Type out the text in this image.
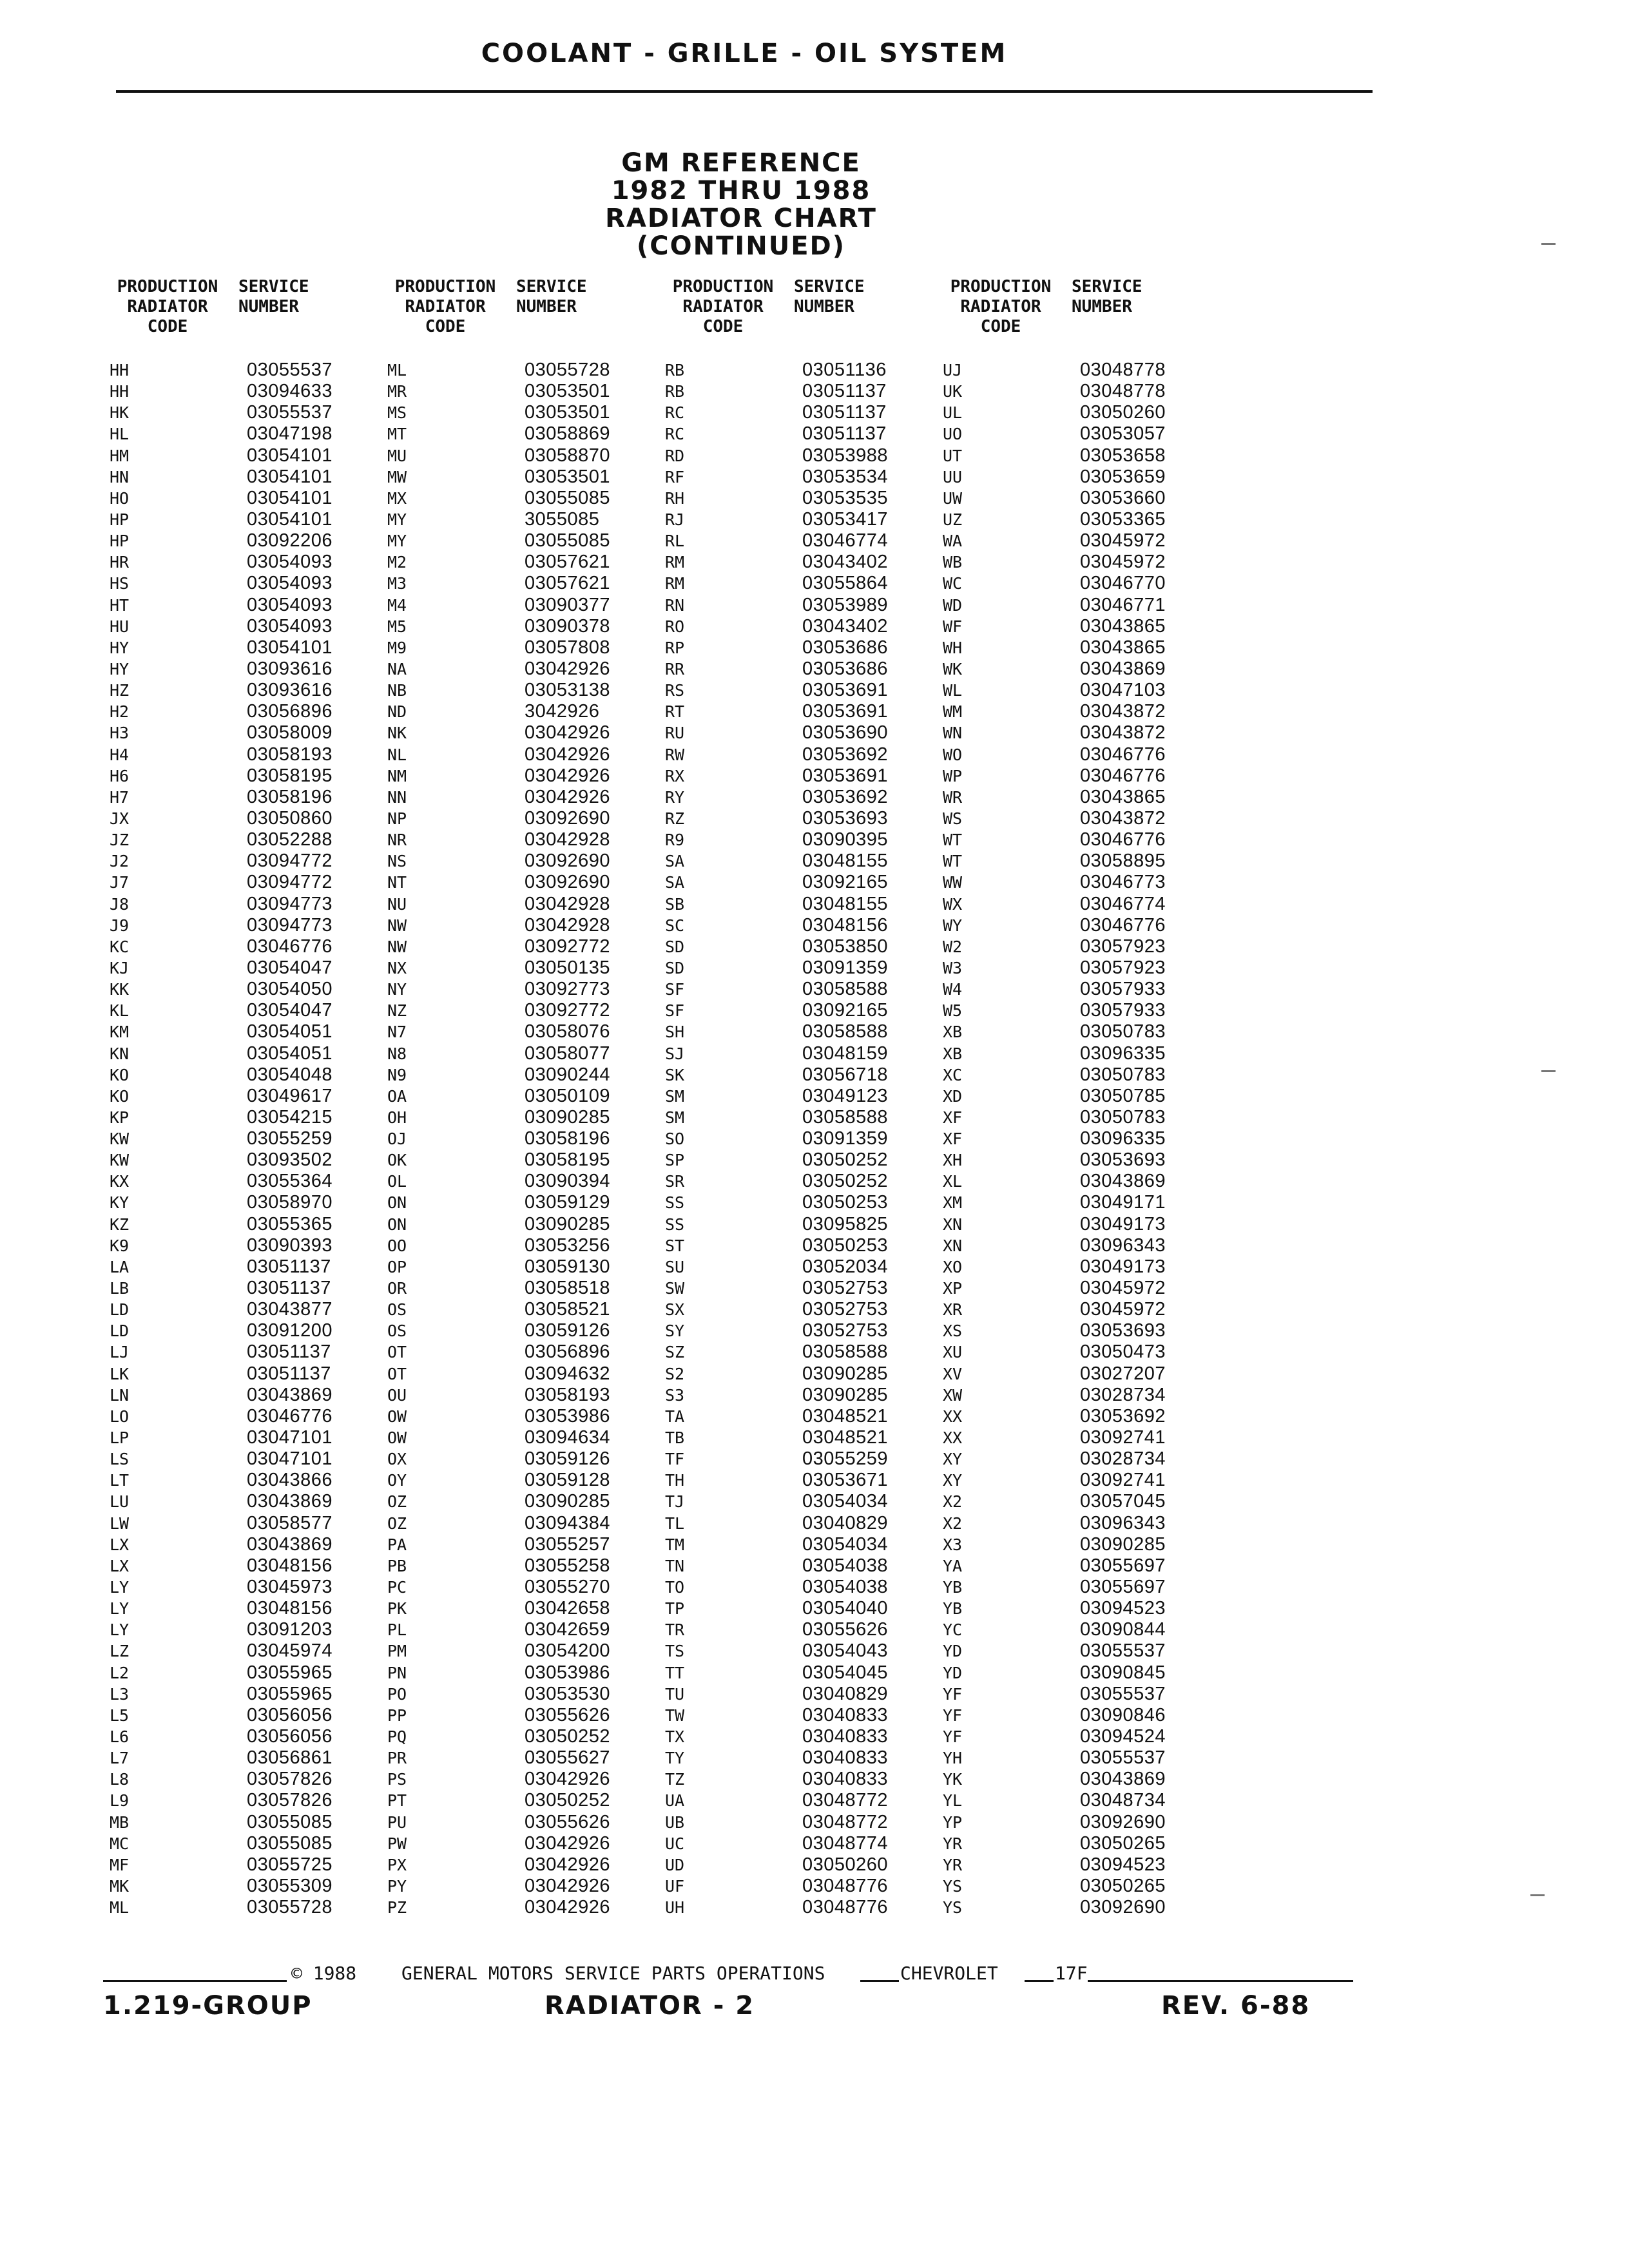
COOLANT - GRILLE - OIL SYSTEM
GM REFERENCE
1982 THRU 1988
RADIATOR CHART
(CONTINUED)
PRODUCTION
RADIATOR
CODE
SERVICE
NUMBER
HH	03055537
HH	03094633
HK	03055537
HL	03047198
HM	03054101
HN	03054101
HO	03054101
HP	03054101
HP	03092206
HR	03054093
HS	03054093
HT	03054093
HU	03054093
HY	03054101
HY	03093616
HZ	03093616
H2	03056896
H3	03058009
H4	03058193
H6	03058195
H7	03058196
JX	03050860
JZ	03052288
J2	03094772
J7	03094772
J8	03094773
J9	03094773
KC	03046776
KJ	03054047
KK	03054050
KL	03054047
KM	03054051
KN	03054051
KO	03054048
KO	03049617
KP	03054215
KW	03055259
KW	03093502
KX	03055364
KY	03058970
KZ	03055365
K9	03090393
LA	03051137
LB	03051137
LD	03043877
LD	03091200
LJ	03051137
LK	03051137
LN	03043869
LO	03046776
LP	03047101
LS	03047101
LT	03043866
LU	03043869
LW	03058577
LX	03043869
LX	03048156
LY	03045973
LY	03048156
LY	03091203
LZ	03045974
L2	03055965
L3	03055965
L5	03056056
L6	03056056
L7	03056861
L8	03057826
L9	03057826
MB	03055085
MC	03055085
MF	03055725
MK	03055309
ML	03055728
PRODUCTION
RADIATOR
CODE
SERVICE
NUMBER
ML	03055728
MR	03053501
MS	03053501
MT	03058869
MU	03058870
MW	03053501
MX	03055085
MY	3055085
MY	03055085
M2	03057621
M3	03057621
M4	03090377
M5	03090378
M9	03057808
NA	03042926
NB	03053138
ND	3042926
NK	03042926
NL	03042926
NM	03042926
NN	03042926
NP	03092690
NR	03042928
NS	03092690
NT	03092690
NU	03042928
NW	03042928
NW	03092772
NX	03050135
NY	03092773
NZ	03092772
N7	03058076
N8	03058077
N9	03090244
OA	03050109
OH	03090285
OJ	03058196
OK	03058195
OL	03090394
ON	03059129
ON	03090285
OO	03053256
OP	03059130
OR	03058518
OS	03058521
OS	03059126
OT	03056896
OT	03094632
OU	03058193
OW	03053986
OW	03094634
OX	03059126
OY	03059128
OZ	03090285
OZ	03094384
PA	03055257
PB	03055258
PC	03055270
PK	03042658
PL	03042659
PM	03054200
PN	03053986
PO	03053530
PP	03055626
PQ	03050252
PR	03055627
PS	03042926
PT	03050252
PU	03055626
PW	03042926
PX	03042926
PY	03042926
PZ	03042926
PRODUCTION
RADIATOR
CODE
SERVICE
NUMBER
RB	03051136
RB	03051137
RC	03051137
RC	03051137
RD	03053988
RF	03053534
RH	03053535
RJ	03053417
RL	03046774
RM	03043402
RM	03055864
RN	03053989
RO	03043402
RP	03053686
RR	03053686
RS	03053691
RT	03053691
RU	03053690
RW	03053692
RX	03053691
RY	03053692
RZ	03053693
R9	03090395
SA	03048155
SA	03092165
SB	03048155
SC	03048156
SD	03053850
SD	03091359
SF	03058588
SF	03092165
SH	03058588
SJ	03048159
SK	03056718
SM	03049123
SM	03058588
SO	03091359
SP	03050252
SR	03050252
SS	03050253
SS	03095825
ST	03050253
SU	03052034
SW	03052753
SX	03052753
SY	03052753
SZ	03058588
S2	03090285
S3	03090285
TA	03048521
TB	03048521
TF	03055259
TH	03053671
TJ	03054034
TL	03040829
TM	03054034
TN	03054038
TO	03054038
TP	03054040
TR	03055626
TS	03054043
TT	03054045
TU	03040829
TW	03040833
TX	03040833
TY	03040833
TZ	03040833
UA	03048772
UB	03048772
UC	03048774
UD	03050260
UF	03048776
UH	03048776
PRODUCTION
RADIATOR
CODE
SERVICE
NUMBER
UJ	03048778
UK	03048778
UL	03050260
UO	03053057
UT	03053658
UU	03053659
UW	03053660
UZ	03053365
WA	03045972
WB	03045972
WC	03046770
WD	03046771
WF	03043865
WH	03043865
WK	03043869
WL	03047103
WM	03043872
WN	03043872
WO	03046776
WP	03046776
WR	03043865
WS	03043872
WT	03046776
WT	03058895
WW	03046773
WX	03046774
WY	03046776
W2	03057923
W3	03057923
W4	03057933
W5	03057933
XB	03050783
XB	03096335
XC	03050783
XD	03050785
XF	03050783
XF	03096335
XH	03053693
XL	03043869
XM	03049171
XN	03049173
XN	03096343
XO	03049173
XP	03045972
XR	03045972
XS	03053693
XU	03050473
XV	03027207
XW	03028734
XX	03053692
XX	03092741
XY	03028734
XY	03092741
X2	03057045
X2	03096343
X3	03090285
YA	03055697
YB	03055697
YB	03094523
YC	03090844
YD	03055537
YD	03090845
YF	03055537
YF	03090846
YF	03094524
YH	03055537
YK	03043869
YL	03048734
YP	03092690
YR	03050265
YR	03094523
YS	03050265
YS	03092690
© 1988 GENERAL MOTORS SERVICE PARTS OPERATIONS	CHEVROLET	17F
1.219-GROUP	RADIATOR - 2	REV. 6-88
